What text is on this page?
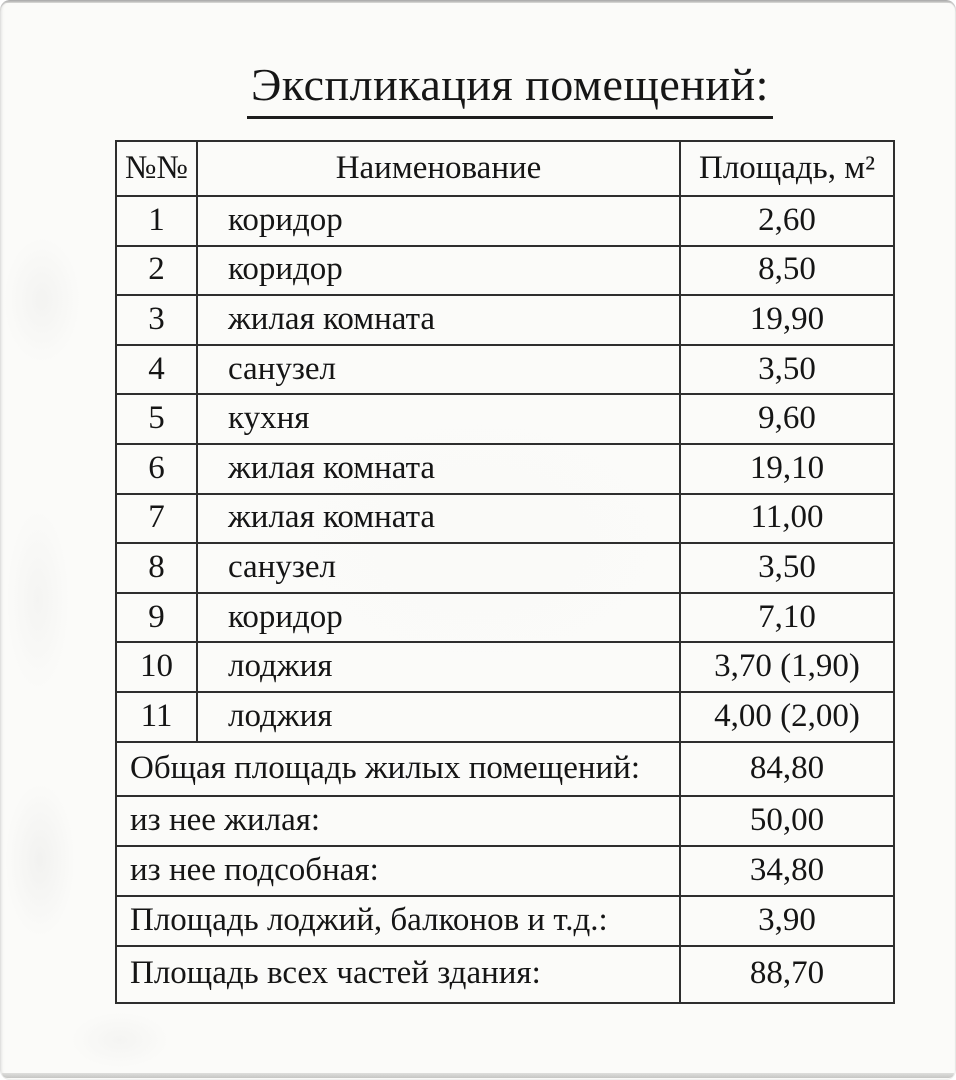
Экспликация помещений:
№№	Наименование	Площадь, м²
1	коридор	2,60
2	коридор	8,50
3	жилая комната	19,90
4	санузел	3,50
5	кухня	9,60
6	жилая комната	19,10
7	жилая комната	11,00
8	санузел	3,50
9	коридор	7,10
10	лоджия	3,70 (1,90)
11	лоджия	4,00 (2,00)
Общая площадь жилых помещений:		84,80
из нее жилая:		50,00
из нее подсобная:		34,80
Площадь лоджий, балконов и т.д.:		3,90
Площадь всех частей здания:		88,70
